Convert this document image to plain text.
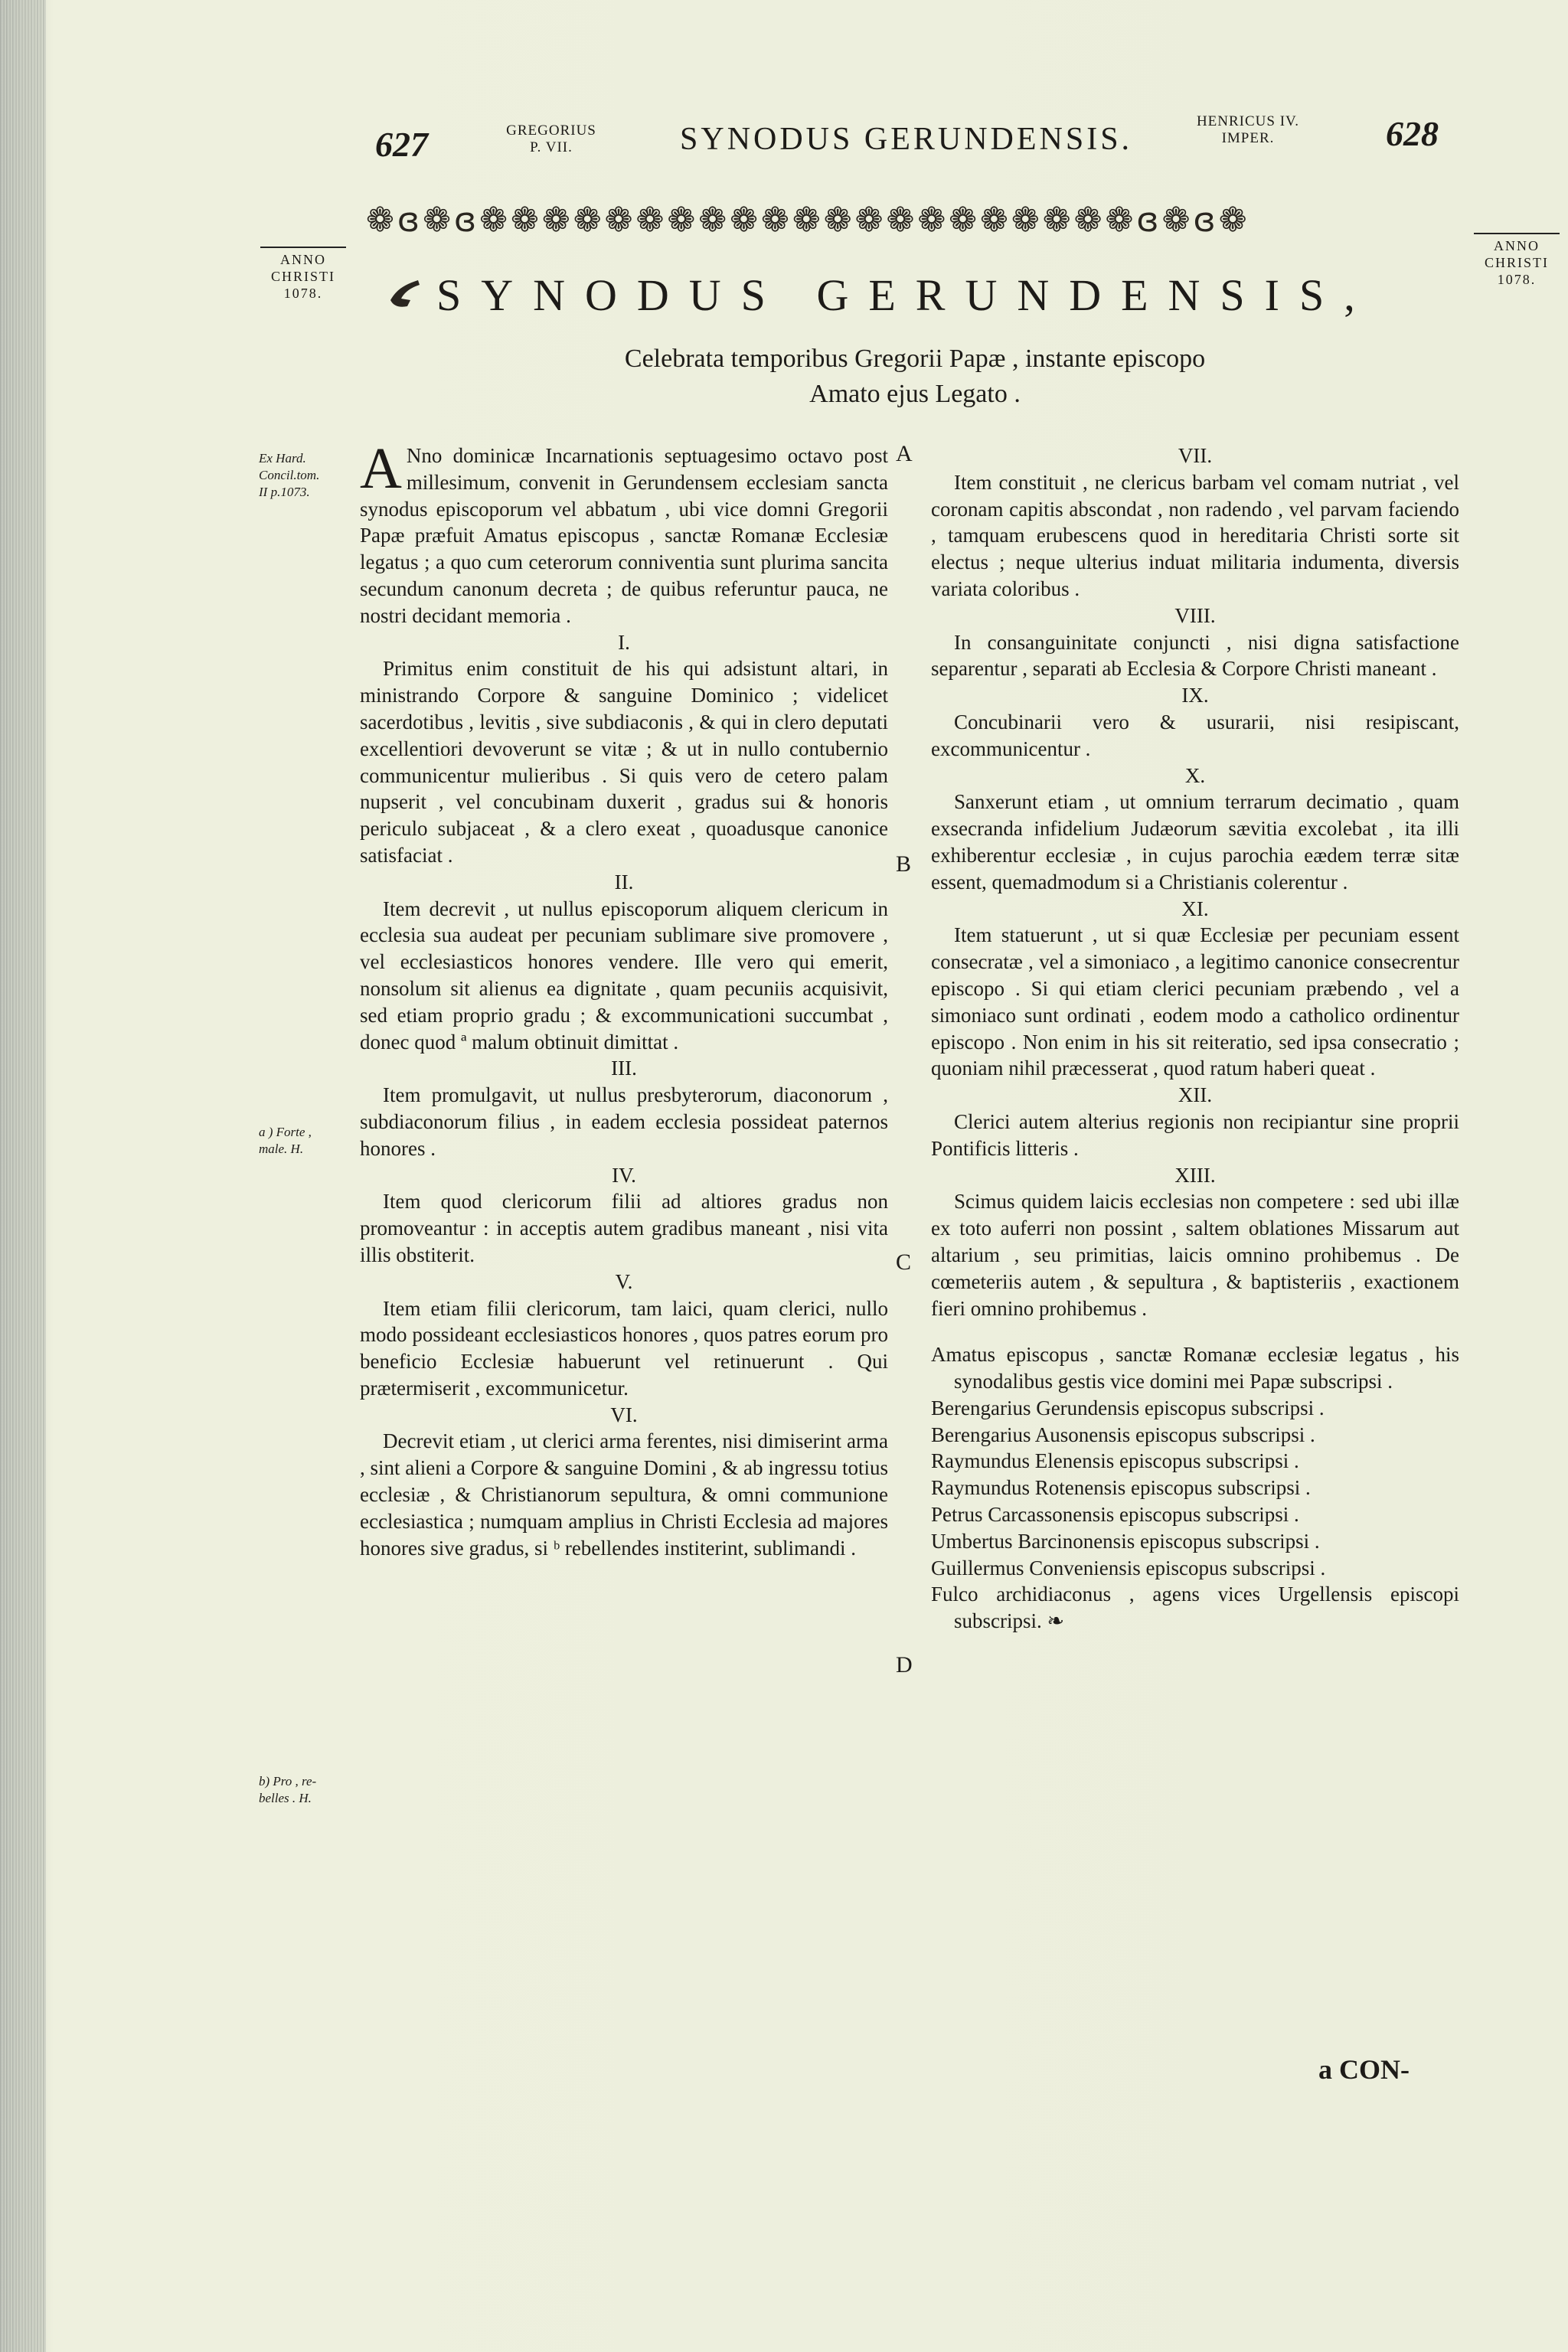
627	GREGORIUS
P. VII.	SYNODUS GERUNDENSIS.
HENRICUS IV.
IMPER.	628
❁ɞ❁ɞ❁❁❁❁❁❁❁❁❁❁❁❁❁❁❁❁❁❁❁❁❁ɞ❁ɞ❁
ANNO
CHRISTI
1078.
ANNO
CHRISTI
1078.
SYNODUS GERUNDENSIS,
Celebrata temporibus Gregorii Papæ , instante episcopo
Amato ejus Legato .
Ex Hard.
Concil.tom.
II p.1073.
a ) Forte ,
male. H.
b) Pro , re-
belles . H.
A
B
C
D

A Nno dominicæ Incarnationis septuagesimo octavo post millesimum, convenit in Gerundensem ecclesiam sancta synodus episcoporum vel abbatum , ubi vice domni Gregorii Papæ præfuit Amatus episcopus , sanctæ Romanæ Ecclesiæ legatus ; a quo cum ceterorum conniventia sunt plurima sancita secundum canonum decreta ; de quibus referuntur pauca, ne nostri decidant memoria .

I.

Primitus enim constituit de his qui adsistunt altari, in ministrando Corpore & sanguine Dominico ; videlicet sacerdotibus , levitis , sive subdiaconis , & qui in clero deputati excellentiori devoverunt se vitæ ; & ut in nullo contubernio communicentur mulieribus . Si quis vero de cetero palam nupserit , vel concubinam duxerit , gradus sui & honoris periculo subjaceat , & a clero exeat , quoadusque canonice satisfaciat .

II.

Item decrevit , ut nullus episcoporum aliquem clericum in ecclesia sua audeat per pecuniam sublimare sive promovere , vel ecclesiasticos honores vendere. Ille vero qui emerit, nonsolum sit alienus ea dignitate , quam pecuniis acquisivit, sed etiam proprio gradu ; & excommunicationi succumbat , donec quod ª malum obtinuit dimittat .

III.

Item promulgavit, ut nullus presbyterorum, diaconorum , subdiaconorum filius , in eadem ecclesia possideat paternos honores .

IV.

Item quod clericorum filii ad altiores gradus non promoveantur : in acceptis autem gradibus maneant , nisi vita illis obstiterit.

V.

Item etiam filii clericorum, tam laici, quam clerici, nullo modo possideant ecclesiasticos honores , quos patres eorum pro beneficio Ecclesiæ habuerunt vel retinuerunt . Qui prætermiserit , excommunicetur.

VI.

Decrevit etiam , ut clerici arma ferentes, nisi dimiserint arma , sint alieni a Corpore & sanguine Domini , & ab ingressu totius ecclesiæ , & Christianorum sepultura, & omni communione ecclesiastica ; numquam amplius in Christi Ecclesia ad majores honores sive gradus, si ᵇ rebellendes institerint, sublimandi .

VII.

Item constituit , ne clericus barbam vel comam nutriat , vel coronam capitis abscondat , non radendo , vel parvam faciendo , tamquam erubescens quod in hereditaria Christi sorte sit electus ; neque ulterius induat militaria indumenta, diversis variata coloribus .

VIII.

In consanguinitate conjuncti , nisi digna satisfactione separentur , separati ab Ecclesia & Corpore Christi maneant .

IX.

Concubinarii vero & usurarii, nisi resipiscant, excommunicentur .

X.

Sanxerunt etiam , ut omnium terrarum decimatio , quam exsecranda infidelium Judæorum sævitia excolebat , ita illi exhiberentur ecclesiæ , in cujus parochia eædem terræ sitæ essent, quemadmodum si a Christianis colerentur .

XI.

Item statuerunt , ut si quæ Ecclesiæ per pecuniam essent consecratæ , vel a simoniaco , a legitimo canonice consecrentur episcopo . Si qui etiam clerici pecuniam præbendo , vel a simoniaco sunt ordinati , eodem modo a catholico ordinentur episcopo . Non enim in his sit reiteratio, sed ipsa consecratio ; quoniam nihil præcesserat , quod ratum haberi queat .

XII.

Clerici autem alterius regionis non recipiantur sine proprii Pontificis litteris .

XIII.

Scimus quidem laicis ecclesias non competere : sed ubi illæ ex toto auferri non possint , saltem oblationes Missarum aut altarium , seu primitias, laicis omnino prohibemus . De cœmeteriis autem , & sepultura , & baptisteriis , exactionem fieri omnino prohibemus .

Amatus episcopus , sanctæ Romanæ ecclesiæ legatus , his synodalibus gestis vice domini mei Papæ subscripsi .
Berengarius Gerundensis episcopus subscripsi .
Berengarius Ausonensis episcopus subscripsi .
Raymundus Elenensis episcopus subscripsi .
Raymundus Rotenensis episcopus subscripsi .
Petrus Carcassonensis episcopus subscripsi .
Umbertus Barcinonensis episcopus subscripsi .
Guillermus Conveniensis episcopus subscripsi .
Fulco archidiaconus , agens vices Urgellensis episcopi subscripsi. ❧
a CON-
